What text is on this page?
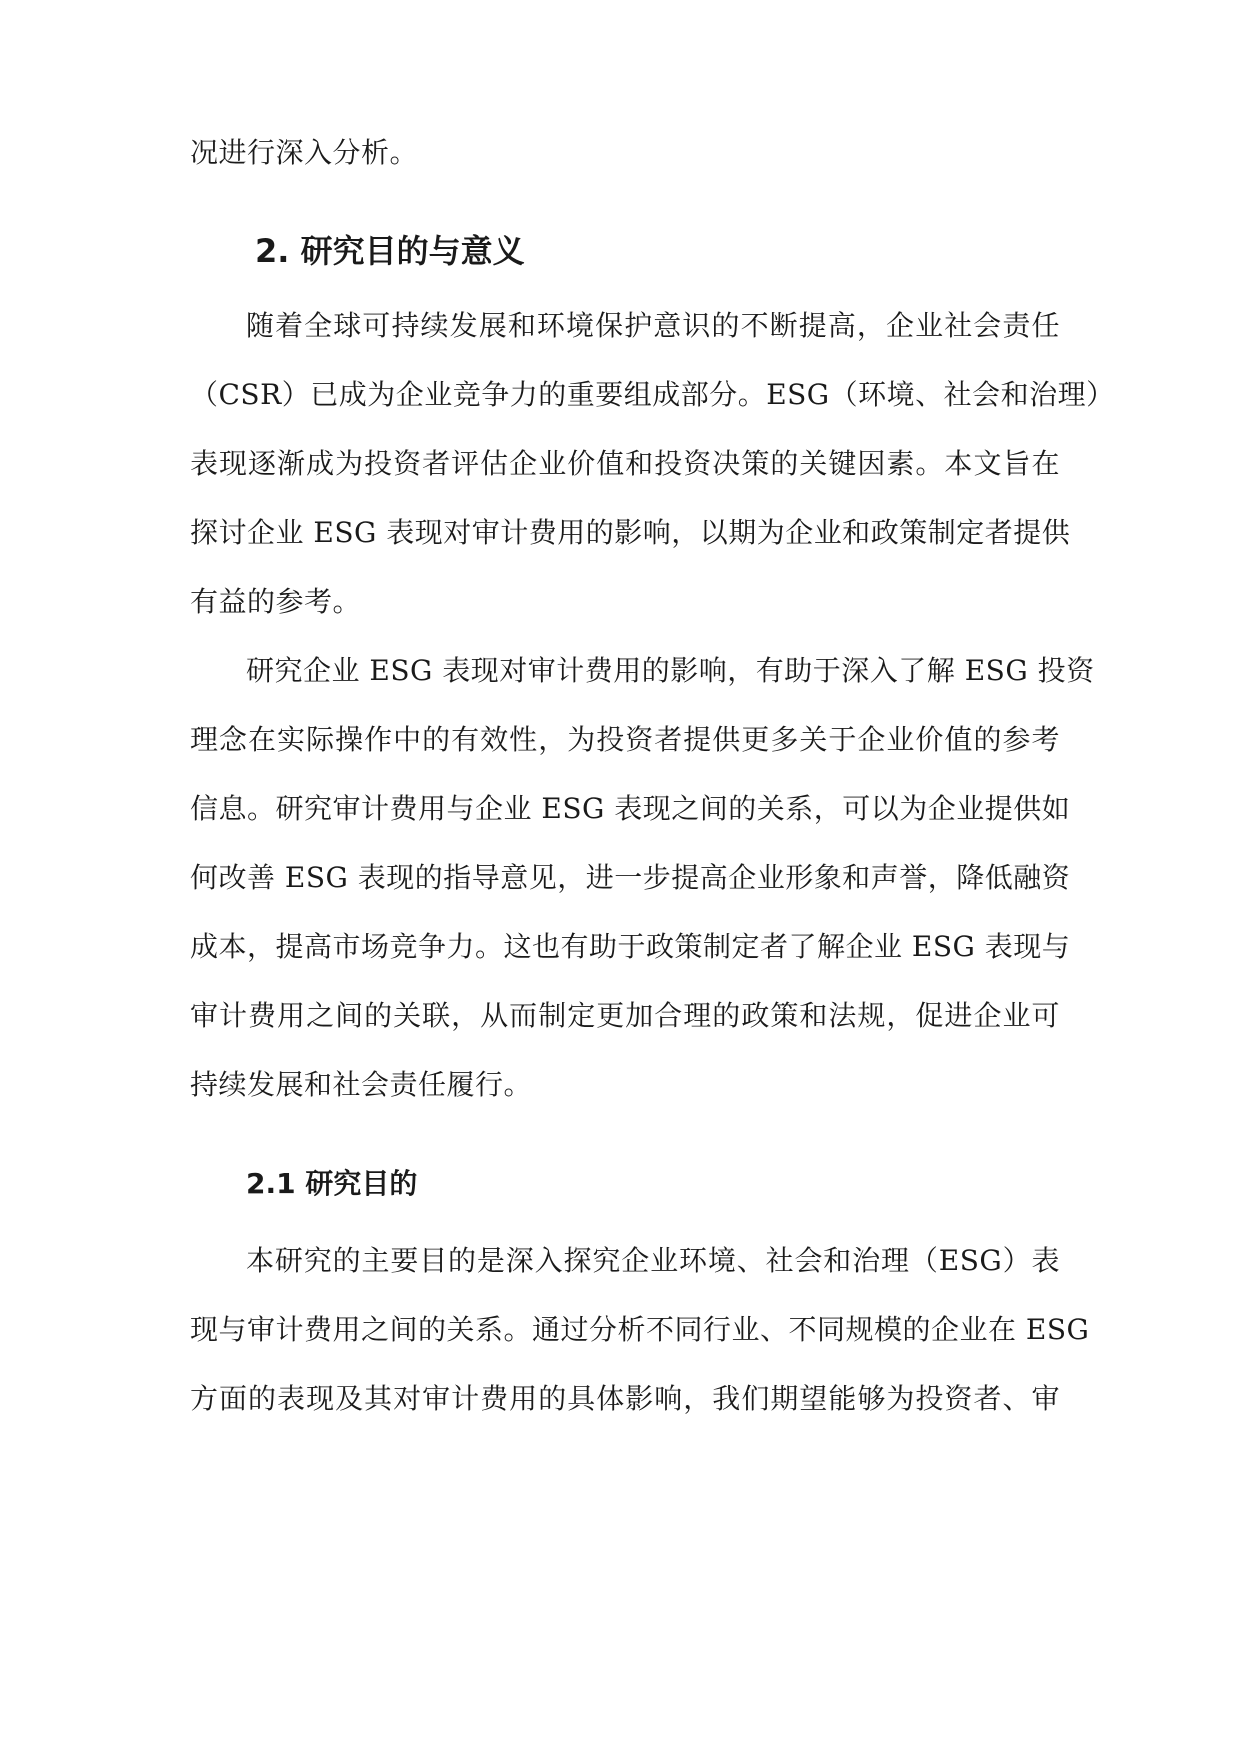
况进行深入分析。
2. 研究目的与意义
随着全球可持续发展和环境保护意识的不断提高，企业社会责任
（CSR）已成为企业竞争力的重要组成部分。ESG（环境、社会和治理）
表现逐渐成为投资者评估企业价值和投资决策的关键因素。本文旨在
探讨企业 ESG 表现对审计费用的影响，以期为企业和政策制定者提供
有益的参考。
研究企业 ESG 表现对审计费用的影响，有助于深入了解 ESG 投资
理念在实际操作中的有效性，为投资者提供更多关于企业价值的参考
信息。研究审计费用与企业 ESG 表现之间的关系，可以为企业提供如
何改善 ESG 表现的指导意见，进一步提高企业形象和声誉，降低融资
成本，提高市场竞争力。这也有助于政策制定者了解企业 ESG 表现与
审计费用之间的关联，从而制定更加合理的政策和法规，促进企业可
持续发展和社会责任履行。
2.1 研究目的
本研究的主要目的是深入探究企业环境、社会和治理（ESG）表
现与审计费用之间的关系。通过分析不同行业、不同规模的企业在 ESG
方面的表现及其对审计费用的具体影响，我们期望能够为投资者、审
